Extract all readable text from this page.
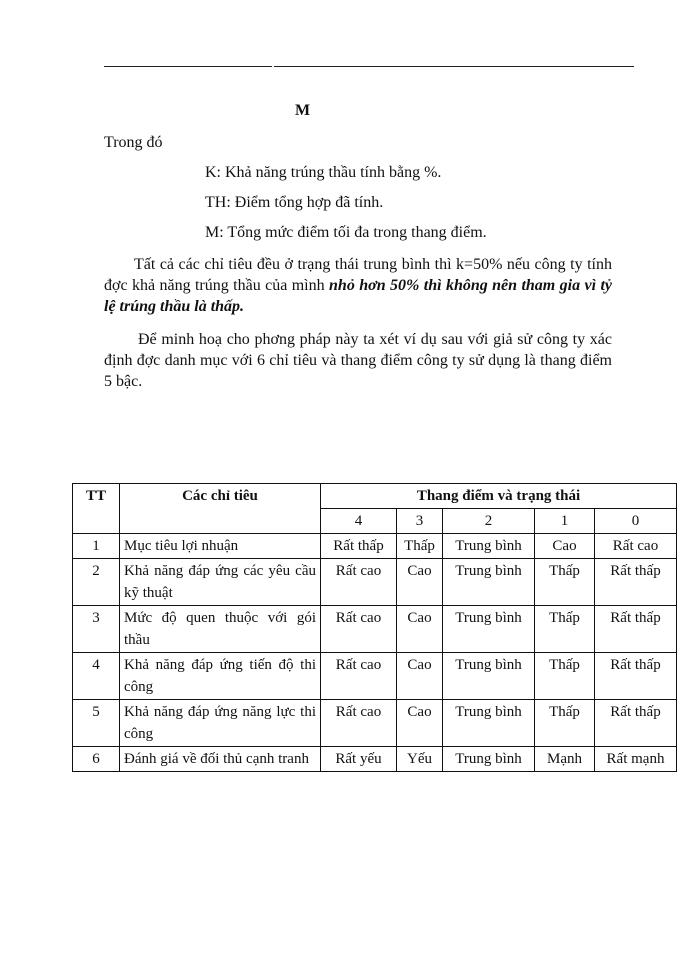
M
Trong đó
K: Khả năng trúng thầu tính bằng %.
TH: Điểm tổng hợp đã tính.
M: Tổng mức điểm tối đa trong thang điểm.
Tất cả các chỉ tiêu đều ở trạng thái trung bình thì k=50% nếu công ty tính đợc khả năng trúng thầu của mình nhỏ hơn 50% thì không nên tham gia vì tỷ lệ trúng thầu là thấp.
Để minh hoạ cho phơng pháp này ta xét ví dụ sau với giả sử công ty xác định đợc danh mục với 6 chỉ tiêu và thang điểm công ty sử dụng là thang điểm 5 bậc.
TT	Các chỉ tiêu	Thang điểm và trạng thái				
		4	3	2	1	0
1	Mục tiêu lợi nhuận	Rất thấp	Thấp	Trung bình	Cao	Rất cao
2	Khả năng đáp ứng các yêu cầu kỹ thuật	Rất cao	Cao	Trung bình	Thấp	Rất thấp
3	Mức độ quen thuộc với gói thầu	Rất cao	Cao	Trung bình	Thấp	Rất thấp
4	Khả năng đáp ứng tiến độ thi công	Rất cao	Cao	Trung bình	Thấp	Rất thấp
5	Khả năng đáp ứng năng lực thi công	Rất cao	Cao	Trung bình	Thấp	Rất thấp
6	Đánh giá về đối thủ cạnh tranh	Rất yếu	Yếu	Trung bình	Mạnh	Rất mạnh
